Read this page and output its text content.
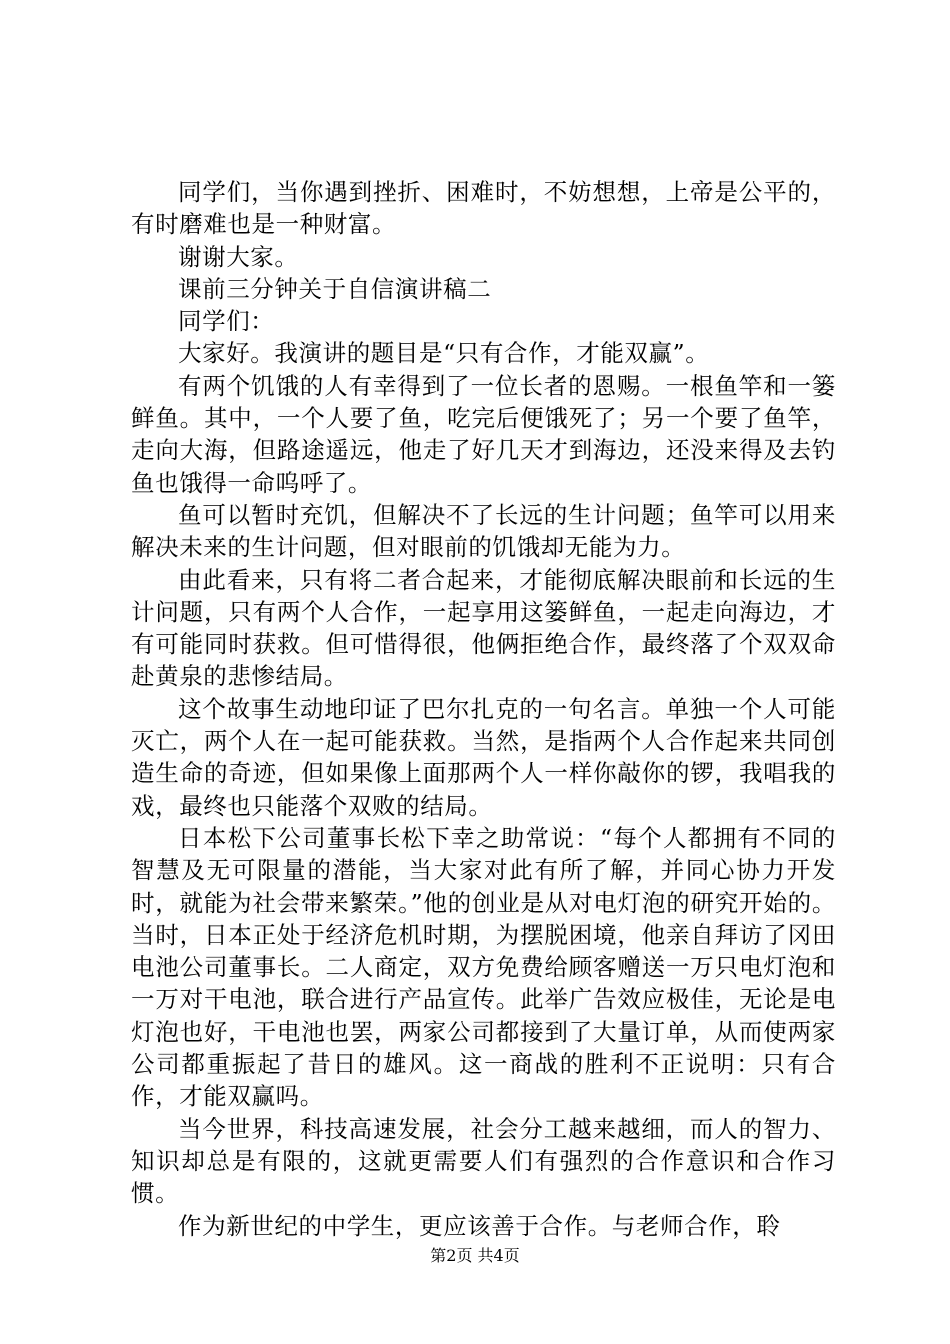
同学们，当你遇到挫折、困难时，不妨想想，上帝是公平的，有时磨难也是一种财富。

谢谢大家。

课前三分钟关于自信演讲稿二

同学们：

大家好。我演讲的题目是“只有合作，才能双赢”。

有两个饥饿的人有幸得到了一位长者的恩赐。一根鱼竿和一篓鲜鱼。其中，一个人要了鱼，吃完后便饿死了；另一个要了鱼竿，走向大海，但路途遥远，他走了好几天才到海边，还没来得及去钓鱼也饿得一命呜呼了。

鱼可以暂时充饥，但解决不了长远的生计问题；鱼竿可以用来解决未来的生计问题，但对眼前的饥饿却无能为力。

由此看来，只有将二者合起来，才能彻底解决眼前和长远的生计问题，只有两个人合作，一起享用这篓鲜鱼，一起走向海边，才有可能同时获救。但可惜得很，他俩拒绝合作，最终落了个双双命赴黄泉的悲惨结局。

这个故事生动地印证了巴尔扎克的一句名言。单独一个人可能灭亡，两个人在一起可能获救。当然，是指两个人合作起来共同创造生命的奇迹，但如果像上面那两个人一样你敲你的锣，我唱我的戏，最终也只能落个双败的结局。

日本松下公司董事长松下幸之助常说：“每个人都拥有不同的智慧及无可限量的潜能，当大家对此有所了解，并同心协力开发时，就能为社会带来繁荣。”他的创业是从对电灯泡的研究开始的。当时，日本正处于经济危机时期，为摆脱困境，他亲自拜访了冈田电池公司董事长。二人商定，双方免费给顾客赠送一万只电灯泡和一万对干电池，联合进行产品宣传。此举广告效应极佳，无论是电灯泡也好，干电池也罢，两家公司都接到了大量订单，从而使两家公司都重振起了昔日的雄风。这一商战的胜利不正说明：只有合作，才能双赢吗。

当今世界，科技高速发展，社会分工越来越细，而人的智力、知识却总是有限的，这就更需要人们有强烈的合作意识和合作习惯。

作为新世纪的中学生，更应该善于合作。与老师合作，聆

第2页 共4页
